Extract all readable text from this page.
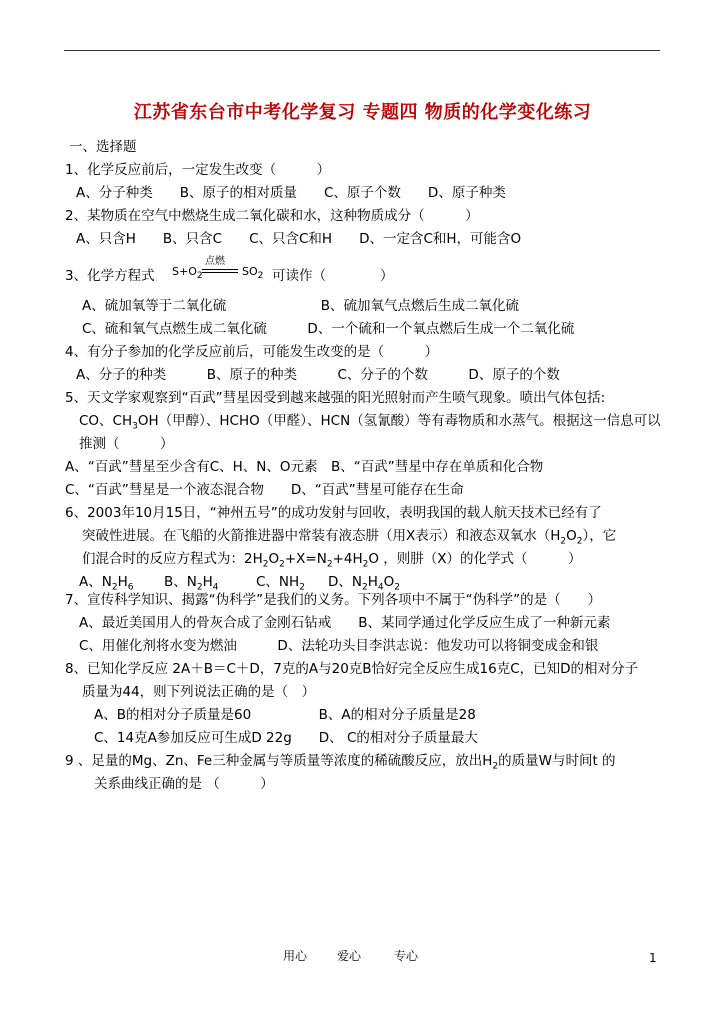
江苏省东台市中考化学复习 专题四 物质的化学变化练习
一、选择题
1、化学反应前后，一定发生改变（　　　）
A、分子种类　　B、原子的相对质量　　C、原子个数　　D、原子种类
2、某物质在空气中燃烧生成二氧化碳和水，这种物质成分（　　　）
A、只含H　　B、只含C　　C、只含C和H　　D、一定含C和H，可能含O
3、化学方程式 $S+O_2$
点燃
$SO_2$ 可读作（　　　　）
A、硫加氧等于二氧化硫　　　　　　　B、硫加氧气点燃后生成二氧化硫
C、硫和氧气点燃生成二氧化硫　　　D、一个硫和一个氧点燃后生成一个二氧化硫
4、有分子参加的化学反应前后，可能发生改变的是（　　　）
A、分子的种类　　　B、原子的种类　　　C、分子的个数　　　D、原子的个数
5、天文学家观察到“百武”彗星因受到越来越强的阳光照射而产生喷气现象。喷出气体包括:
CO、$CH_3OH$（甲醇）、HCHO（甲醛）、HCN（氢氰酸）等有毒物质和水蒸气。根据这一信息可以
推测（　　　）
A、“百武”彗星至少含有C、H、N、O元素　B、“百武”彗星中存在单质和化合物
C、“百武”彗星是一个液态混合物　　D、“百武”彗星可能存在生命
6、2003年10月15日，“神州五号”的成功发射与回收，表明我国的载人航天技术已经有了
突破性进展。在飞船的火箭推进器中常装有液态肼（用X表示）和液态双氧水$(H_2O_2)$，它
们混合时的反应方程式为：$2H_2O_2+X=N_2+4H_2O$ ，则肼（X）的化学式（　　　）
A、$N_2H_6$ B、$N_2H_4$	C、$NH_2$ D、$N_2H_4O_2$
7、宣传科学知识、揭露“伪科学”是我们的义务。下列各项中不属于“伪科学”的是（　　）
A、最近美国用人的骨灰合成了金刚石钻戒　　B、某同学通过化学反应生成了一种新元素
C、用催化剂将水变为燃油　　　D、法轮功头目李洪志说：他发功可以将铜变成金和银
8、已知化学反应 2A＋B＝C＋D，7克的A与20克B恰好完全反应生成16克C，已知D的相对分子
质量为44，则下列说法正确的是（　）
A、B的相对分子质量是60　　　　　B、A的相对分子质量是28
C、14克A参加反应可生成D 22g　　D、 C的相对分子质量最大
9 、足量的Mg、Zn、Fe三种金属与等质量等浓度的稀硫酸反应，放出$H_2$的质量W与时间t 的
关系曲线正确的是 （　　　）
用心 爱心	专心	1
